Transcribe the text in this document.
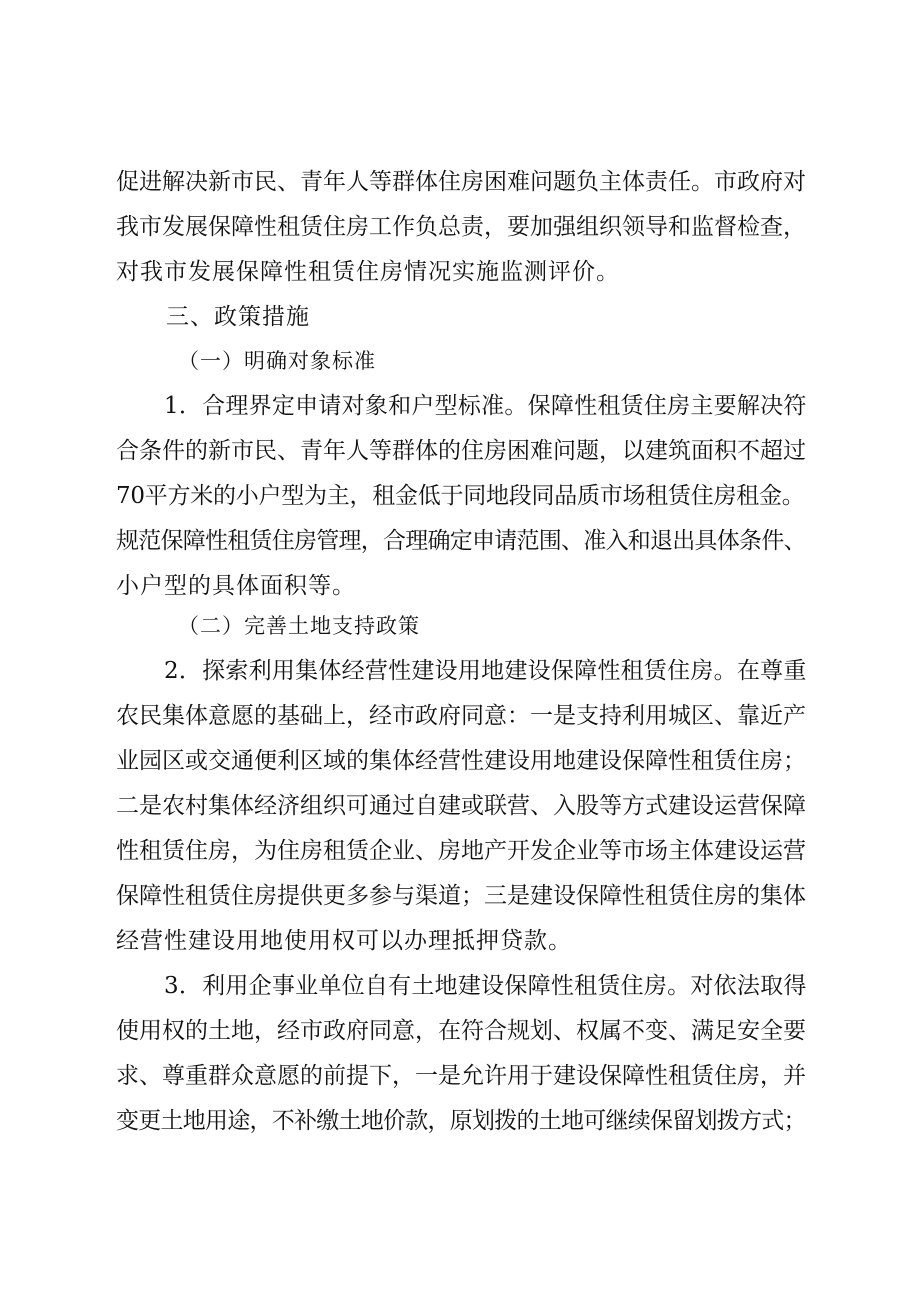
促进解决新市民、青年人等群体住房困难问题负主体责任。市政府对
我市发展保障性租赁住房工作负总责，要加强组织领导和监督检查，
对我市发展保障性租赁住房情况实施监测评价。
三、政策措施
（一）明确对象标准
1．合理界定申请对象和户型标准。保障性租赁住房主要解决符
合条件的新市民、青年人等群体的住房困难问题，以建筑面积不超过
70平方米的小户型为主，租金低于同地段同品质市场租赁住房租金。
规范保障性租赁住房管理，合理确定申请范围、准入和退出具体条件、
小户型的具体面积等。
（二）完善土地支持政策
2．探索利用集体经营性建设用地建设保障性租赁住房。在尊重
农民集体意愿的基础上，经市政府同意：一是支持利用城区、靠近产
业园区或交通便利区域的集体经营性建设用地建设保障性租赁住房；
二是农村集体经济组织可通过自建或联营、入股等方式建设运营保障
性租赁住房，为住房租赁企业、房地产开发企业等市场主体建设运营
保障性租赁住房提供更多参与渠道；三是建设保障性租赁住房的集体
经营性建设用地使用权可以办理抵押贷款。
3．利用企事业单位自有土地建设保障性租赁住房。对依法取得
使用权的土地，经市政府同意，在符合规划、权属不变、满足安全要
求、尊重群众意愿的前提下，一是允许用于建设保障性租赁住房，并
变更土地用途，不补缴土地价款，原划拨的土地可继续保留划拨方式；
